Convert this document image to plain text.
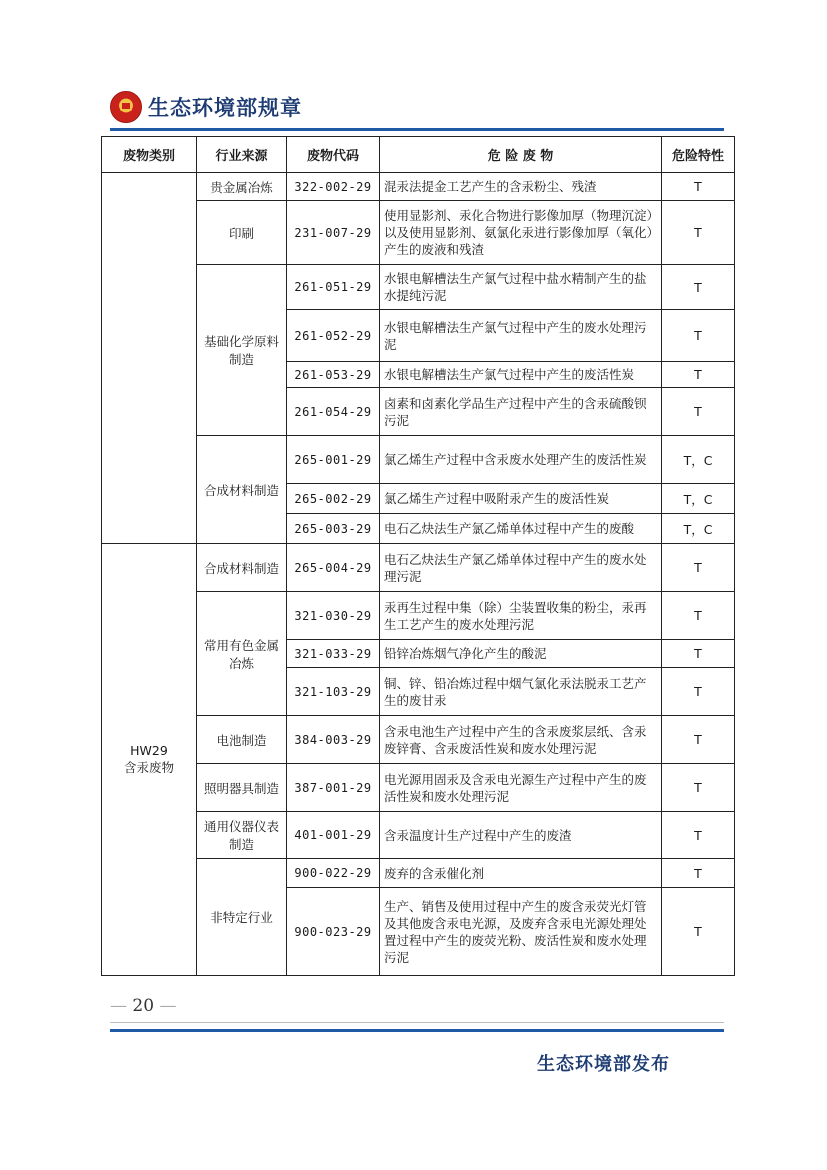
生态环境部规章
废物类别	行业来源	废物代码	危 险 废 物	危险特性
	贵金属冶炼	322-002-29	混汞法提金工艺产生的含汞粉尘、残渣	T
	印刷	231-007-29	使用显影剂、汞化合物进行影像加厚（物理沉淀）以及使用显影剂、氨氯化汞进行影像加厚（氧化）产生的废液和残渣	T
	基础化学原料制造	261-051-29	水银电解槽法生产氯气过程中盐水精制产生的盐水提纯污泥	T
		261-052-29	水银电解槽法生产氯气过程中产生的废水处理污泥	T
		261-053-29	水银电解槽法生产氯气过程中产生的废活性炭	T
		261-054-29	卤素和卤素化学品生产过程中产生的含汞硫酸钡污泥	T
	合成材料制造	265-001-29	氯乙烯生产过程中含汞废水处理产生的废活性炭	T，C
		265-002-29	氯乙烯生产过程中吸附汞产生的废活性炭	T，C
		265-003-29	电石乙炔法生产氯乙烯单体过程中产生的废酸	T，C

HW29
含汞废物	合成材料制造	265-004-29	电石乙炔法生产氯乙烯单体过程中产生的废水处理污泥	T
	常用有色金属冶炼	321-030-29	汞再生过程中集（除）尘装置收集的粉尘，汞再生工艺产生的废水处理污泥	T
		321-033-29	铅锌冶炼烟气净化产生的酸泥	T
		321-103-29	铜、锌、铅冶炼过程中烟气氯化汞法脱汞工艺产生的废甘汞	T
	电池制造	384-003-29	含汞电池生产过程中产生的含汞废浆层纸、含汞废锌膏、含汞废活性炭和废水处理污泥	T
	照明器具制造	387-001-29	电光源用固汞及含汞电光源生产过程中产生的废活性炭和废水处理污泥	T
	通用仪器仪表制造	401-001-29	含汞温度计生产过程中产生的废渣	T
	非特定行业	900-022-29	废弃的含汞催化剂	T
		900-023-29	生产、销售及使用过程中产生的废含汞荧光灯管及其他废含汞电光源，及废弃含汞电光源处理处置过程中产生的废荧光粉、废活性炭和废水处理污泥	T
— 20 —
生态环境部发布
